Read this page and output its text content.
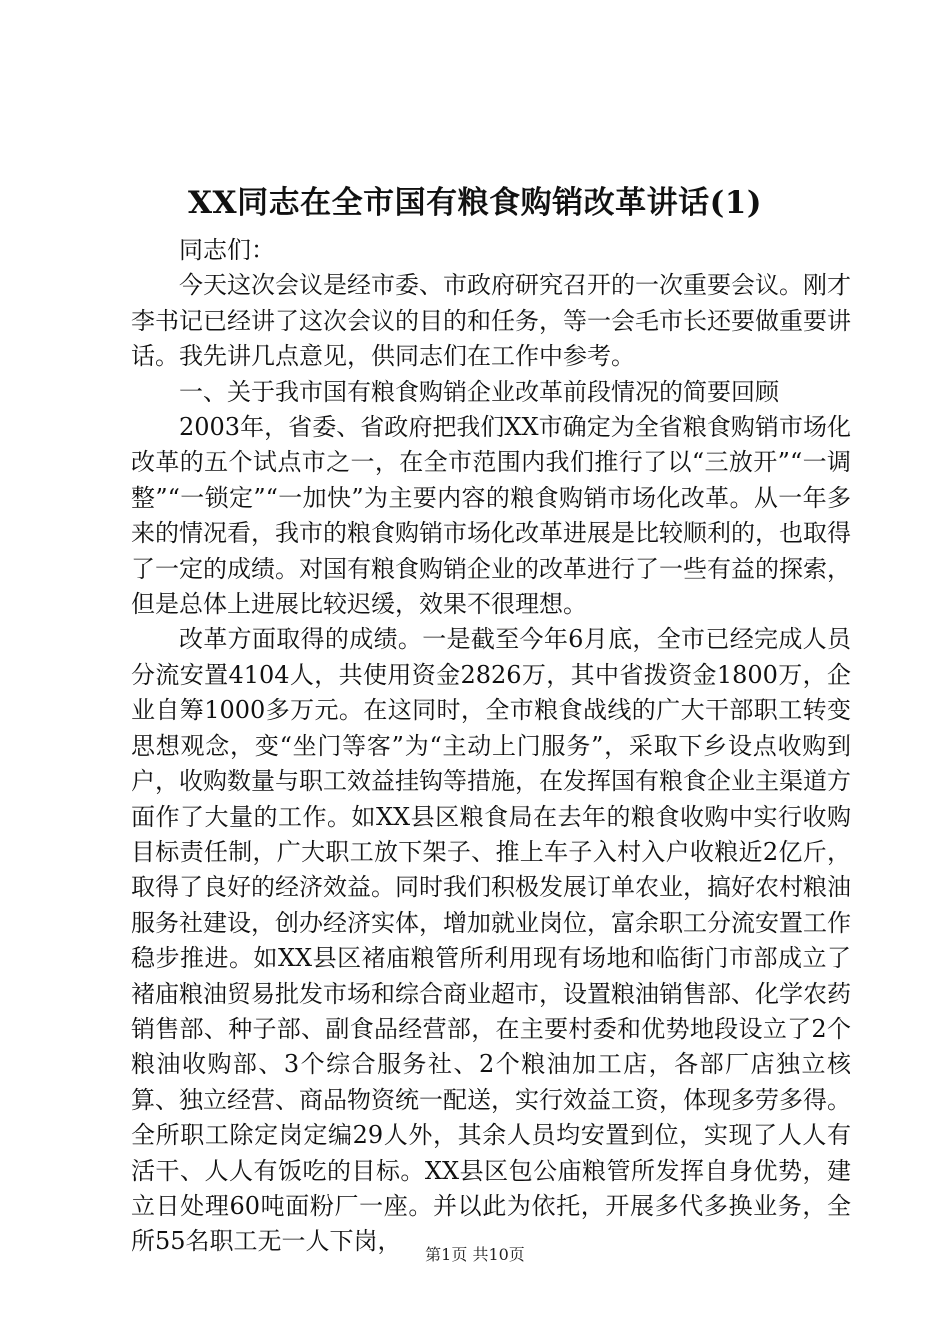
XX同志在全市国有粮食购销改革讲话(1)

同志们：

今天这次会议是经市委、市政府研究召开的一次重要会议。刚才李书记已经讲了这次会议的目的和任务，等一会毛市长还要做重要讲话。我先讲几点意见，供同志们在工作中参考。

一、关于我市国有粮食购销企业改革前段情况的简要回顾

2003年，省委、省政府把我们XX市确定为全省粮食购销市场化改革的五个试点市之一，在全市范围内我们推行了以“三放开”“一调整”“一锁定”“一加快”为主要内容的粮食购销市场化改革。从一年多来的情况看，我市的粮食购销市场化改革进展是比较顺利的，也取得了一定的成绩。对国有粮食购销企业的改革进行了一些有益的探索，但是总体上进展比较迟缓，效果不很理想。

改革方面取得的成绩。一是截至今年6月底，全市已经完成人员分流安置4104人，共使用资金2826万，其中省拨资金1800万，企业自筹1000多万元。在这同时，全市粮食战线的广大干部职工转变思想观念，变“坐门等客”为“主动上门服务”，采取下乡设点收购到户，收购数量与职工效益挂钩等措施，在发挥国有粮食企业主渠道方面作了大量的工作。如XX县区粮食局在去年的粮食收购中实行收购目标责任制，广大职工放下架子、推上车子入村入户收粮近2亿斤，取得了良好的经济效益。同时我们积极发展订单农业，搞好农村粮油服务社建设，创办经济实体，增加就业岗位，富余职工分流安置工作稳步推进。如XX县区褚庙粮管所利用现有场地和临街门市部成立了褚庙粮油贸易批发市场和综合商业超市，设置粮油销售部、化学农药销售部、种子部、副食品经营部，在主要村委和优势地段设立了2个粮油收购部、3个综合服务社、2个粮油加工店，各部厂店独立核算、独立经营、商品物资统一配送，实行效益工资，体现多劳多得。全所职工除定岗定编29人外，其余人员均安置到位，实现了人人有活干、人人有饭吃的目标。XX县区包公庙粮管所发挥自身优势，建立日处理60吨面粉厂一座。并以此为依托，开展多代多换业务，全所55名职工无一人下岗，	第1页 共10页
